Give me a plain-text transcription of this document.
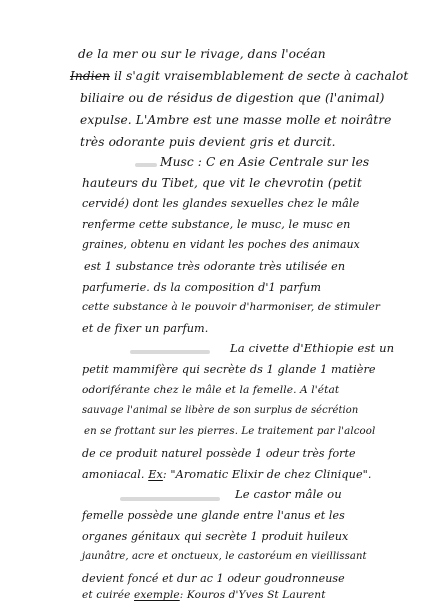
de la mer ou sur le rivage, dans l'océan
Indien il s'agit vraisemblablement de secte à cachalot
biliaire ou de résidus de digestion que (l'animal)
expulse. L'Ambre est une masse molle et noirâtre
très odorante puis devient gris et durcit.
Musc : C en Asie Centrale sur les
hauteurs du Tibet, que vit le chevrotin (petit
cervidé) dont les glandes sexuelles chez le mâle
renferme cette substance, le musc, le musc en
graines, obtenu en vidant les poches des animaux
est 1 substance très odorante très utilisée en
parfumerie. ds la composition d'1 parfum
cette substance à le pouvoir d'harmoniser, de stimuler
et de fixer un parfum.
La civette d'Ethiopie est un
petit mammifère qui secrète ds 1 glande 1 matière
odoriférante chez le mâle et la femelle. A l'état
sauvage l'animal se libère de son surplus de sécrétion
en se frottant sur les pierres. Le traitement par l'alcool
de ce produit naturel possède 1 odeur très forte
amoniacal. Ex: "Aromatic Elixir de chez Clinique".
Le castor mâle ou
femelle possède une glande entre l'anus et les
organes génitaux qui secrète 1 produit huileux
jaunâtre, acre et onctueux, le castoréum en vieillissant
devient foncé et dur ac 1 odeur goudronneuse
et cuirée exemple: Kouros d'Yves St Laurent
